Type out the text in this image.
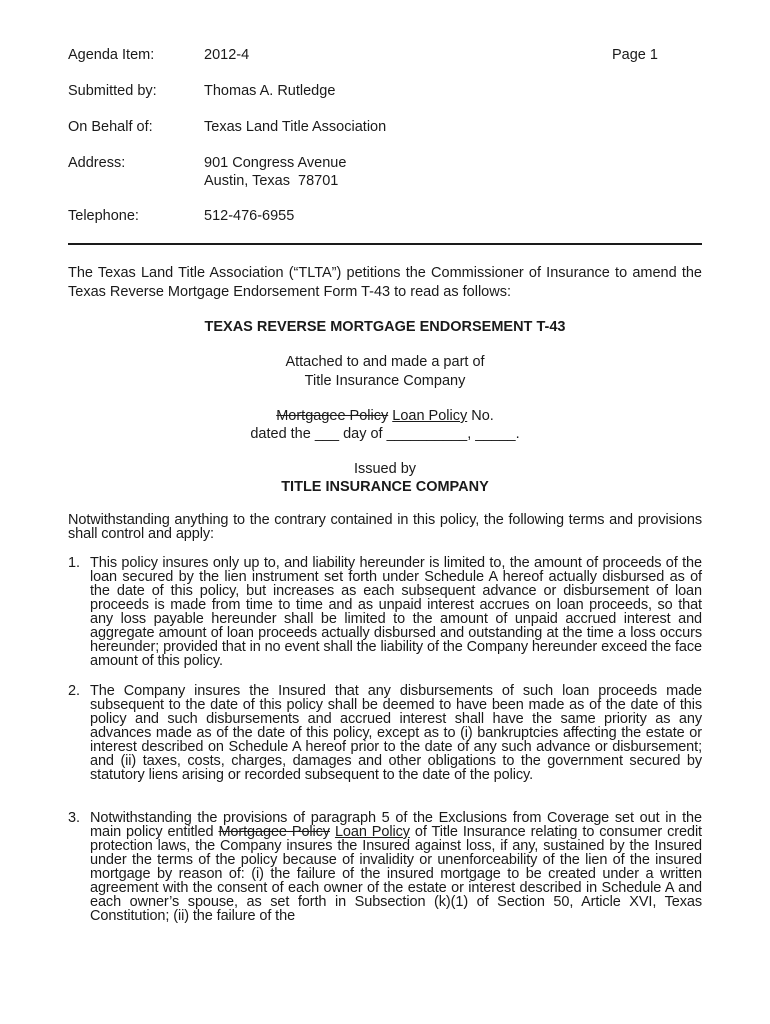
Agenda Item:	2012-4	Page 1
Submitted by:	Thomas A. Rutledge
On Behalf of:	Texas Land Title Association
Address:	901 Congress Avenue
Austin, Texas  78701
Telephone:	512-476-6955
The Texas Land Title Association (“TLTA”) petitions the Commissioner of Insurance to amend the Texas Reverse Mortgage Endorsement Form T-43 to read as follows:
TEXAS REVERSE MORTGAGE ENDORSEMENT T-43
Attached to and made a part of
Title Insurance Company
Mortgagee Policy Loan Policy No.
dated the ___ day of __________, _____.
Issued by
TITLE INSURANCE COMPANY
Notwithstanding anything to the contrary contained in this policy, the following terms and provisions shall control and apply:
1. This policy insures only up to, and liability hereunder is limited to, the amount of proceeds of the loan secured by the lien instrument set forth under Schedule A hereof actually disbursed as of the date of this policy, but increases as each subsequent advance or disbursement of loan proceeds is made from time to time and as unpaid interest accrues on loan proceeds, so that any loss payable hereunder shall be limited to the amount of unpaid accrued interest and aggregate amount of loan proceeds actually disbursed and outstanding at the time a loss occurs hereunder; provided that in no event shall the liability of the Company hereunder exceed the face amount of this policy.
2. The Company insures the Insured that any disbursements of such loan proceeds made subsequent to the date of this policy shall be deemed to have been made as of the date of this policy and such disbursements and accrued interest shall have the same priority as any advances made as of the date of this policy, except as to (i) bankruptcies affecting the estate or interest described on Schedule A hereof prior to the date of any such advance or disbursement; and (ii) taxes, costs, charges, damages and other obligations to the government secured by statutory liens arising or recorded subsequent to the date of the policy.
3. Notwithstanding the provisions of paragraph 5 of the Exclusions from Coverage set out in the main policy entitled Mortgagee Policy Loan Policy of Title Insurance relating to consumer credit protection laws, the Company insures the Insured against loss, if any, sustained by the Insured under the terms of the policy because of invalidity or unenforceability of the lien of the insured mortgage by reason of: (i) the failure of the insured mortgage to be created under a written agreement with the consent of each owner of the estate or interest described in Schedule A and each owner’s spouse, as set forth in Subsection (k)(1) of Section 50, Article XVI, Texas Constitution; (ii) the failure of the
